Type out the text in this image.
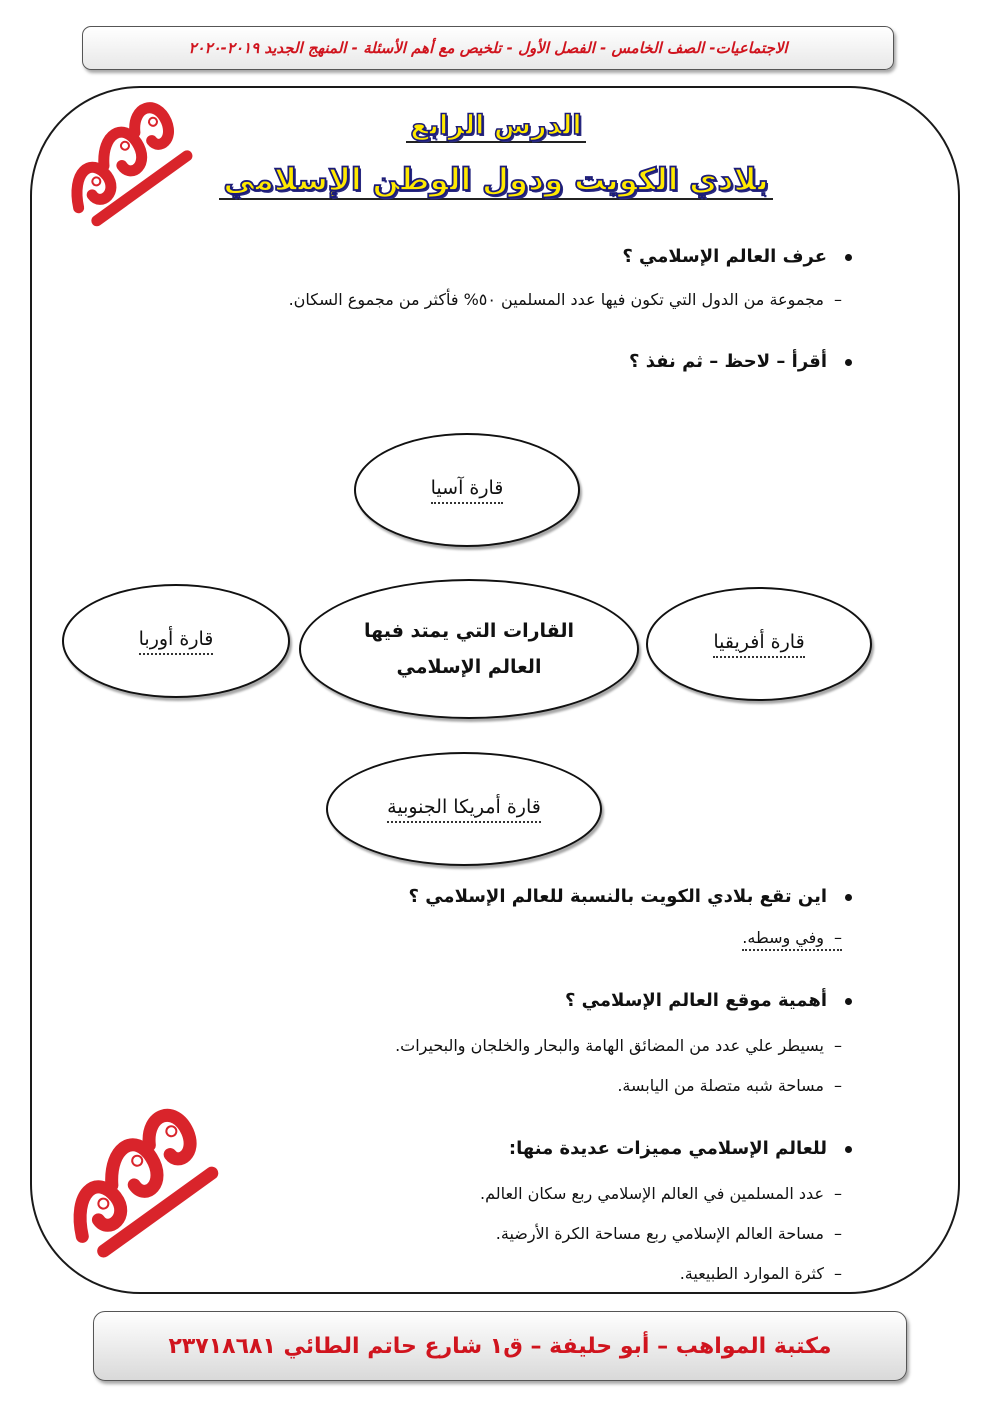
الاجتماعيات- الصف الخامس - الفصل الأول - تلخيص مع أهم الأسئلة - المنهج الجديد ٢٠١٩-٢٠٢٠
الدرس الرابع
بلادي الكويت ودول الوطن الإسلامي
عرف العالم الإسلامي ؟
–مجموعة من الدول التي تكون فيها عدد المسلمين ٥٠% فأكثر من مجموع السكان.
أقرأ – لاحظ – ثم نفذ ؟
قارة آسيا
القارات التي يمتد فيها
العالم الإسلامي
قارة أفريقيا
قارة أوربا
قارة أمريكا الجنوبية
اين تقع بلادي الكويت بالنسبة للعالم الإسلامي ؟
–وفي وسطه.
أهمية موقع العالم الإسلامي ؟
–يسيطر علي عدد من المضائق الهامة والبحار والخلجان والبحيرات.
–مساحة شبه متصلة من اليابسة.
للعالم الإسلامي مميزات عديدة منها:
–عدد المسلمين في العالم الإسلامي ربع سكان العالم.
–مساحة العالم الإسلامي ربع مساحة الكرة الأرضية.
–كثرة الموارد الطبيعية.
مكتبة المواهب – أبو حليفة – ق١ شارع حاتم الطائي ٢٣٧١٨٦٨١
